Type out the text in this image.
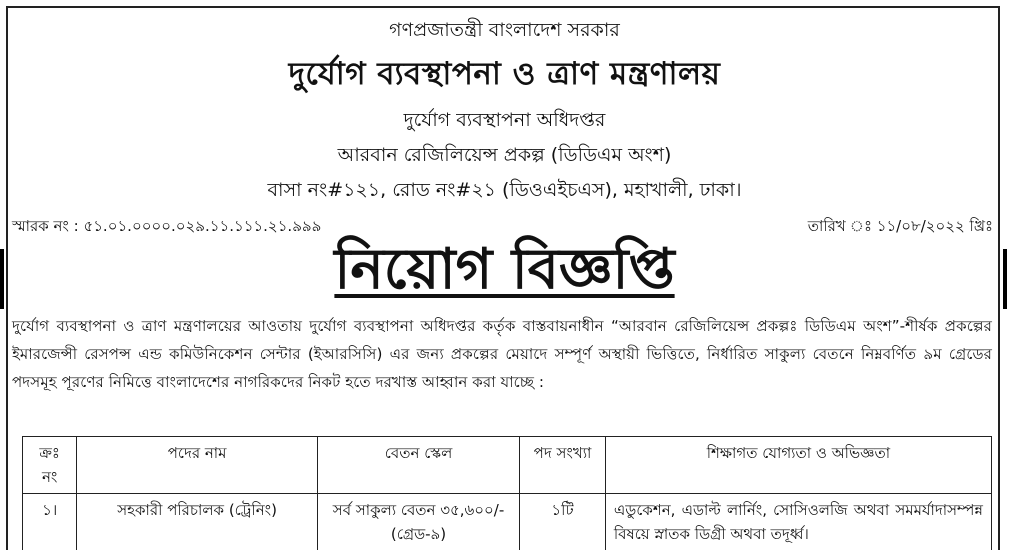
গণপ্রজাতন্ত্রী বাংলাদেশ সরকার
দুর্যোগ ব্যবস্থাপনা ও ত্রাণ মন্ত্রণালয়
দুর্যোগ ব্যবস্থাপনা অধিদপ্তর
আরবান রেজিলিয়েন্স প্রকল্প (ডিডিএম অংশ)
বাসা নং#১২১, রোড নং#২১ (ডিওএইচএস), মহাখালী, ঢাকা।
স্মারক নং : ৫১.০১.০০০০.০২৯.১১.১১১.২১.৯৯৯	তারিখ ঃ ১১/০৮/২০২২ খ্রিঃ
নিয়োগ বিজ্ঞপ্তি
দুর্যোগ ব্যবস্থাপনা ও ত্রাণ মন্ত্রণালয়ের আওতায় দুর্যোগ ব্যবস্থাপনা অধিদপ্তর কর্তৃক বাস্তবায়নাধীন “আরবান রেজিলিয়েন্স প্রকল্পঃ ডিডিএম অংশ”-শীর্ষক প্রকল্পের ইমারজেন্সী রেসপন্স এন্ড কমিউনিকেশন সেন্টার (ইআরসিসি) এর জন্য প্রকল্পের মেয়াদে সম্পূর্ণ অস্থায়ী ভিত্তিতে, নির্ধারিত সাকুল্য বেতনে নিম্নবর্ণিত ৯ম গ্রেডের পদসমূহ পূরণের নিমিত্তে বাংলাদেশের নাগরিকদের নিকট হতে দরখাস্ত আহ্বান করা যাচ্ছে :
ক্রঃ নং	পদের নাম	বেতন স্কেল	পদ সংখ্যা	শিক্ষাগত যোগ্যতা ও অভিজ্ঞতা
১।	সহকারী পরিচালক (ট্রেনিং)	সর্ব সাকুল্য বেতন ৩৫,৬০০/- (গ্রেড-৯)	১টি	এডুকেশন, এডাল্ট লার্নিং, সোসিওলজি অথবা সমমর্যাদাসম্পন্ন বিষয়ে স্নাতক ডিগ্রী অথবা তদূর্ধ্ব।
